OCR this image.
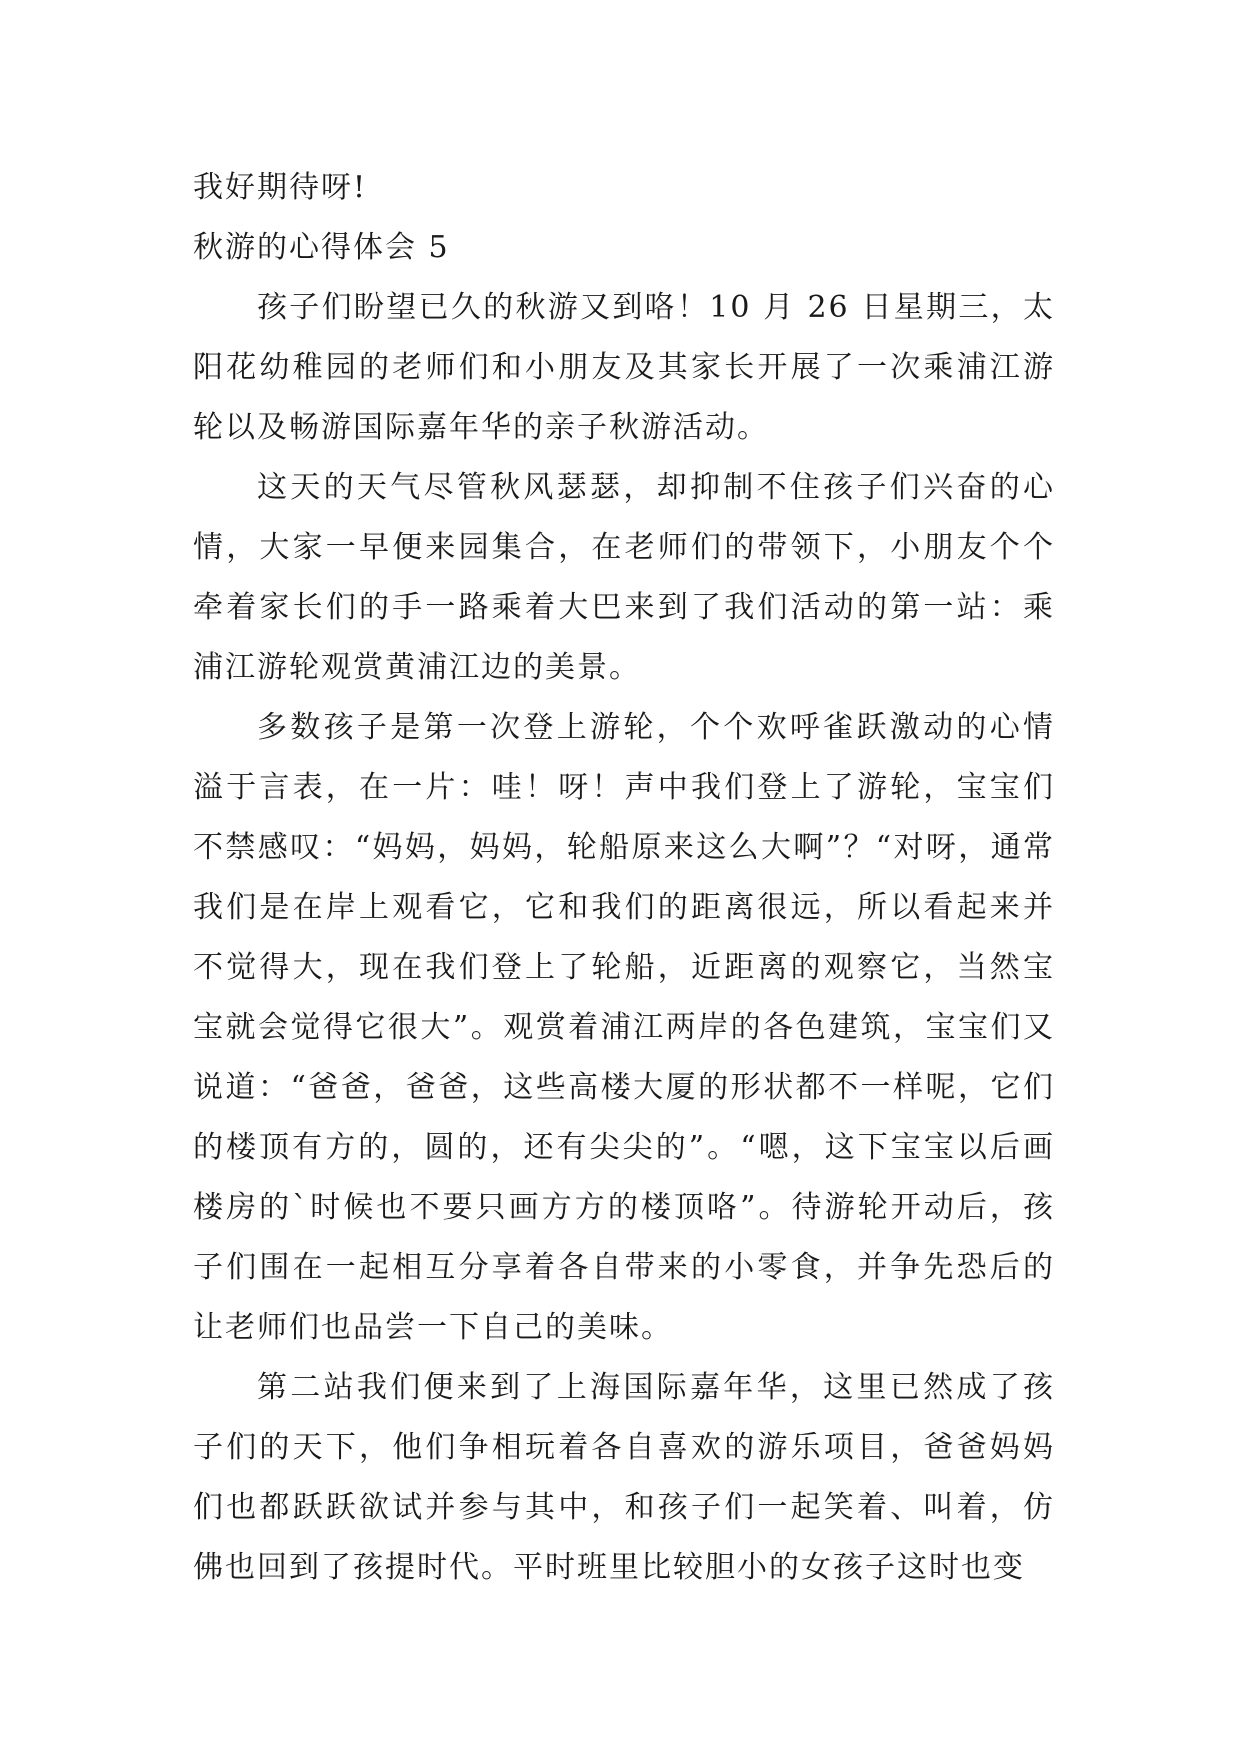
我好期待呀!

秋游的心得体会 5

孩子们盼望已久的秋游又到咯！10 月 26 日星期三，太阳花幼稚园的老师们和小朋友及其家长开展了一次乘浦江游轮以及畅游国际嘉年华的亲子秋游活动。

这天的天气尽管秋风瑟瑟，却抑制不住孩子们兴奋的心情，大家一早便来园集合，在老师们的带领下，小朋友个个牵着家长们的手一路乘着大巴来到了我们活动的第一站：乘浦江游轮观赏黄浦江边的美景。

多数孩子是第一次登上游轮，个个欢呼雀跃激动的心情溢于言表，在一片：哇！呀！声中我们登上了游轮，宝宝们不禁感叹：“妈妈，妈妈，轮船原来这么大啊”？“对呀，通常我们是在岸上观看它，它和我们的距离很远，所以看起来并不觉得大，现在我们登上了轮船，近距离的观察它，当然宝宝就会觉得它很大”。观赏着浦江两岸的各色建筑，宝宝们又说道：“爸爸，爸爸，这些高楼大厦的形状都不一样呢，它们的楼顶有方的，圆的，还有尖尖的”。“嗯，这下宝宝以后画楼房的`时候也不要只画方方的楼顶咯”。待游轮开动后，孩子们围在一起相互分享着各自带来的小零食，并争先恐后的让老师们也品尝一下自己的美味。

第二站我们便来到了上海国际嘉年华，这里已然成了孩子们的天下，他们争相玩着各自喜欢的游乐项目，爸爸妈妈们也都跃跃欲试并参与其中，和孩子们一起笑着、叫着，仿佛也回到了孩提时代。平时班里比较胆小的女孩子这时也变
